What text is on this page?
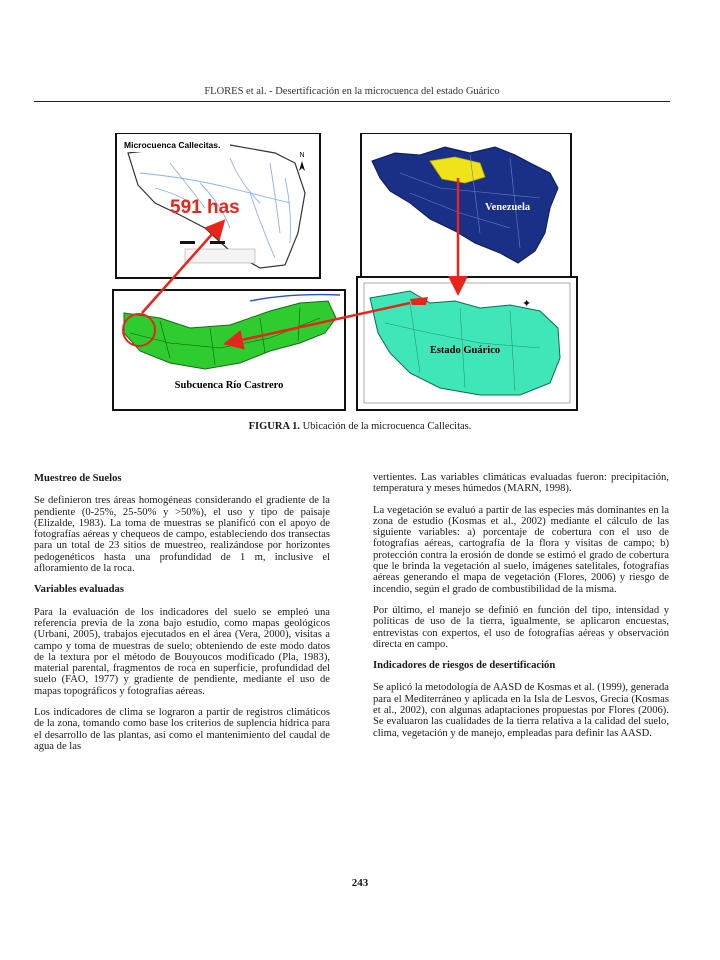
FLORES et al. - Desertificación en la microcuenca del estado Guárico
Microcuenca Callecitas.
N
591 has	Venezuela
Subcuenca Río Castrero
✦
Estado Guárico
FIGURA 1. Ubicación de la microcuenca Callecitas.
Muestreo de Suelos

Se definieron tres áreas homogéneas considerando el gradiente de la pendiente (0-25%, 25-50% y >50%), el uso y tipo de paisaje (Elizalde, 1983). La toma de muestras se planificó con el apoyo de fotografías aéreas y chequeos de campo, estableciendo dos transectas para un total de 23 sitios de muestreo, realizándose por horizontes pedogenéticos hasta una profundidad de 1 m, inclusive el afloramiento de la roca.

Variables evaluadas

Para la evaluación de los indicadores del suelo se empleó una referencia previa de la zona bajo estudio, como mapas geológicos (Urbani, 2005), trabajos ejecutados en el área (Vera, 2000), visitas a campo y toma de muestras de suelo; obteniendo de este modo datos de la textura por el método de Bouyoucos modificado (Pla, 1983), material parental, fragmentos de roca en superficie, profundidad del suelo (FAO, 1977) y gradiente de pendiente, mediante el uso de mapas topográficos y fotografías aéreas.

Los indicadores de clima se lograron a partir de registros climáticos de la zona, tomando como base los criterios de suplencia hídrica para el desarrollo de las plantas, así como el mantenimiento del caudal de agua de las

vertientes. Las variables climáticas evaluadas fueron: precipitación, temperatura y meses húmedos (MARN, 1998).

La vegetación se evaluó a partir de las especies más dominantes en la zona de estudio (Kosmas et al., 2002) mediante el cálculo de las siguiente variables: a) porcentaje de cobertura con el uso de fotografías aéreas, cartografía de la flora y visitas de campo; b) protección contra la erosión de donde se estimó el grado de cobertura que le brinda la vegetación al suelo, imágenes satelitales, fotografías aéreas generando el mapa de vegetación (Flores, 2006) y riesgo de incendio, según el grado de combustibilidad de la misma.

Por último, el manejo se definió en función del tipo, intensidad y políticas de uso de la tierra, igualmente, se aplicaron encuestas, entrevistas con expertos, el uso de fotografías aéreas y observación directa en campo.

Indicadores de riesgos de desertificación

Se aplicó la metodología de AASD de Kosmas et al. (1999), generada para el Mediterráneo y aplicada en la Isla de Lesvos, Grecia (Kosmas et al., 2002), con algunas adaptaciones propuestas por Flores (2006). Se evaluaron las cualidades de la tierra relativa a la calidad del suelo, clima, vegetación y de manejo, empleadas para definir las AASD.

243
